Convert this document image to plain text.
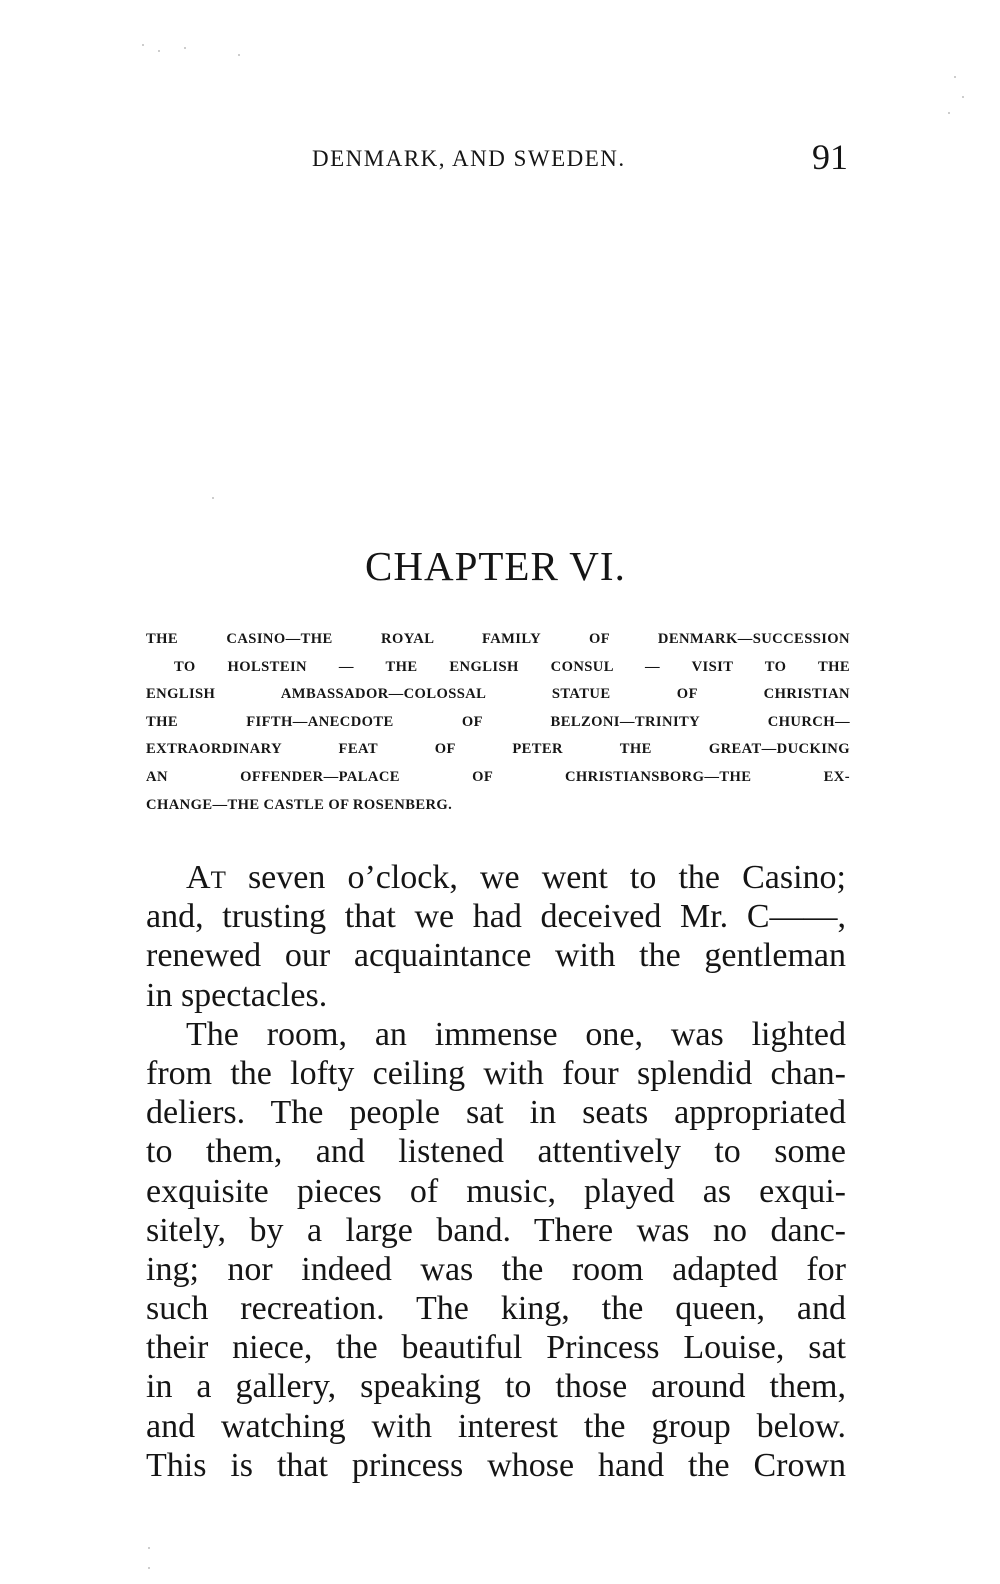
DENMARK, AND SWEDEN.	91
CHAPTER VI.
THE CASINO—THE ROYAL FAMILY OF DENMARK—SUCCESSION
TO HOLSTEIN — THE ENGLISH CONSUL — VISIT TO THE
ENGLISH AMBASSADOR—COLOSSAL STATUE OF CHRISTIAN
THE FIFTH—ANECDOTE OF BELZONI—TRINITY CHURCH—
EXTRAORDINARY FEAT OF PETER THE GREAT—DUCKING
AN OFFENDER—PALACE OF CHRISTIANSBORG—THE EX-
CHANGE—THE CASTLE OF ROSENBERG.
AT seven o’clock, we went to the Casino;
and, trusting that we had deceived Mr. C——,
renewed our acquaintance with the gentleman
in spectacles.
The room, an immense one, was lighted
from the lofty ceiling with four splendid chan-
deliers. The people sat in seats appropriated
to them, and listened attentively to some
exquisite pieces of music, played as exqui-
sitely, by a large band. There was no danc-
ing; nor indeed was the room adapted for
such recreation. The king, the queen, and
their niece, the beautiful Princess Louise, sat
in a gallery, speaking to those around them,
and watching with interest the group below.
This is that princess whose hand the Crown
